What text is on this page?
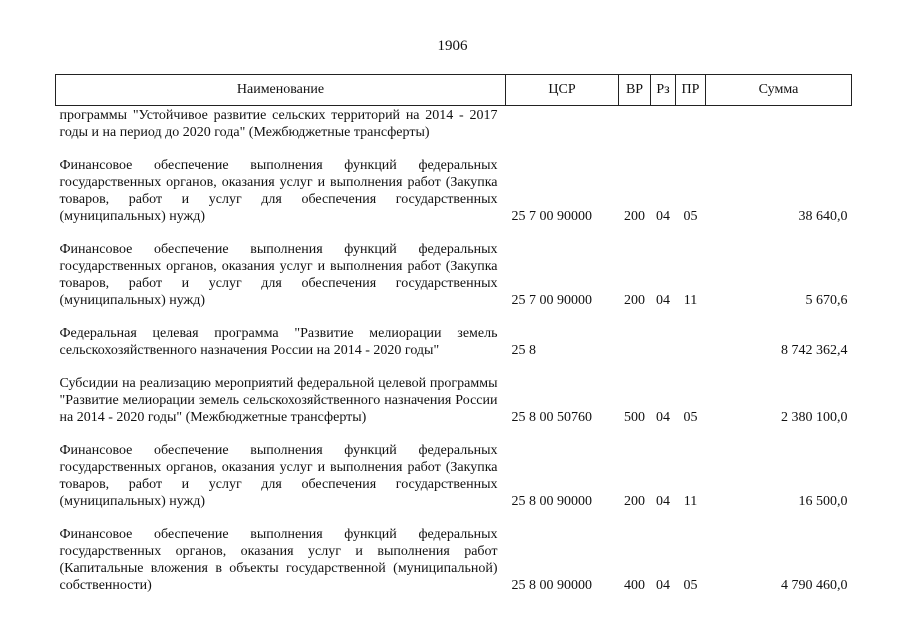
1906
Наименование	ЦСР	ВР	Рз	ПР	Сумма
программы "Устойчивое развитие сельских территорий на 2014 - 2017 годы и на период до 2020 года" (Межбюджетные трансферты)					

Финансовое обеспечение выполнения функций федеральных государственных органов, оказания услуг и выполнения работ (Закупка товаров, работ и услуг для обеспечения государственных (муниципальных) нужд)	25 7 00 90000	200	04	05	38 640,0

Финансовое обеспечение выполнения функций федеральных государственных органов, оказания услуг и выполнения работ (Закупка товаров, работ и услуг для обеспечения государственных (муниципальных) нужд)	25 7 00 90000	200	04	11	5 670,6

Федеральная целевая программа "Развитие мелиорации земель сельскохозяйственного назначения России на 2014 - 2020 годы"	25 8				8 742 362,4

Субсидии на реализацию мероприятий федеральной целевой программы "Развитие мелиорации земель сельскохозяйственного назначения России на 2014 - 2020 годы" (Межбюджетные трансферты)	25 8 00 50760	500	04	05	2 380 100,0

Финансовое обеспечение выполнения функций федеральных государственных органов, оказания услуг и выполнения работ (Закупка товаров, работ и услуг для обеспечения государственных (муниципальных) нужд)	25 8 00 90000	200	04	11	16 500,0

Финансовое обеспечение выполнения функций федеральных государственных органов, оказания услуг и выполнения работ (Капитальные вложения в объекты государственной (муниципальной) собственности)	25 8 00 90000	400	04	05	4 790 460,0
